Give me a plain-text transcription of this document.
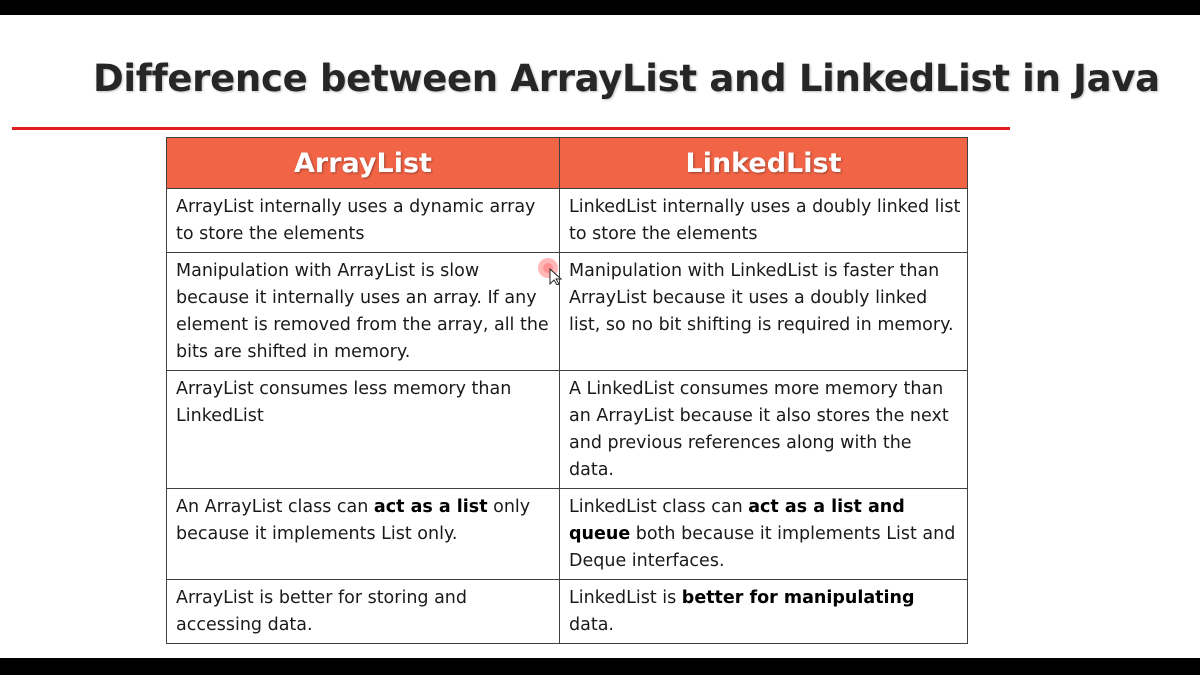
Difference between ArrayList and LinkedList in Java
ArrayList	LinkedList
ArrayList internally uses a dynamic array to store the elements	LinkedList internally uses a doubly linked list to store the elements
Manipulation with ArrayList is slow because it internally uses an array. If any element is removed from the array, all the bits are shifted in memory.	Manipulation with LinkedList is faster than ArrayList because it uses a doubly linked list, so no bit shifting is required in memory.
ArrayList consumes less memory than LinkedList	A LinkedList consumes more memory than an ArrayList because it also stores the next and previous references along with the data.
An ArrayList class can act as a list only because it implements List only.	LinkedList class can act as a list and queue both because it implements List and Deque interfaces.
ArrayList is better for storing and accessing data.	LinkedList is better for manipulating data.
